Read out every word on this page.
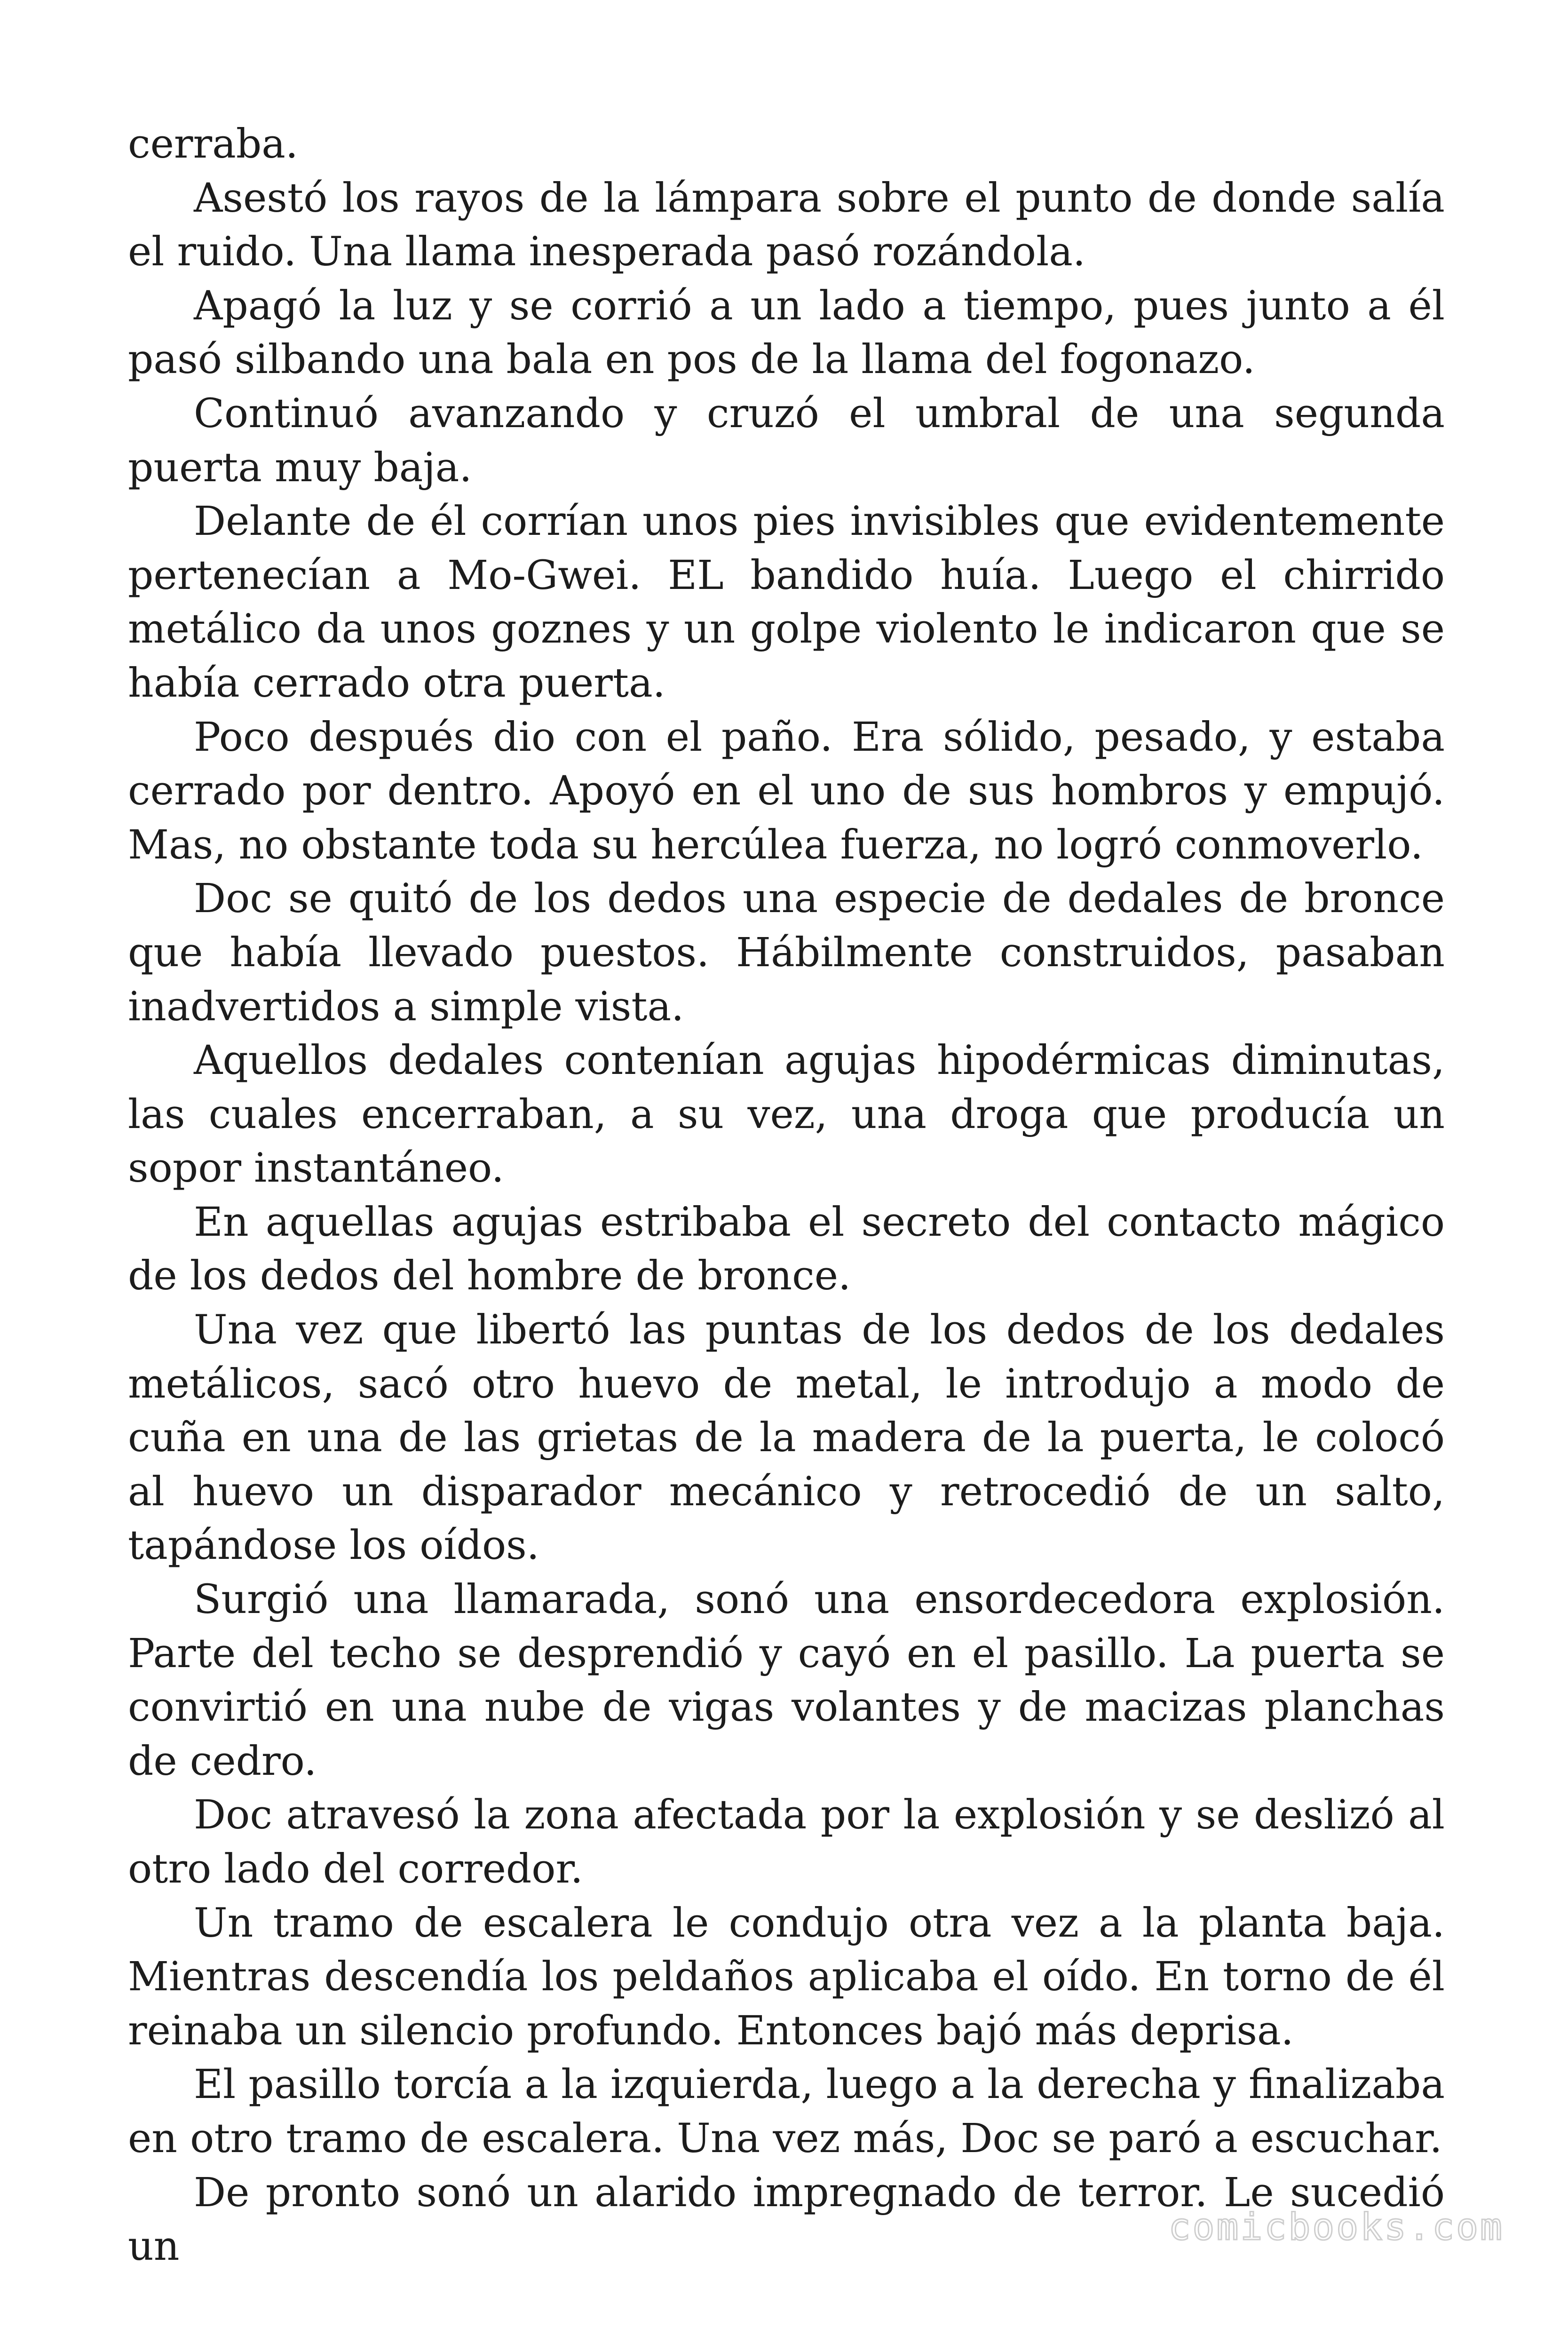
cerraba.

Asestó los rayos de la lámpara sobre el punto de donde salía el ruido. Una llama inesperada pasó rozándola.

Apagó la luz y se corrió a un lado a tiempo, pues junto a él pasó silbando una bala en pos de la llama del fogonazo.

Continuó avanzando y cruzó el umbral de una segunda puerta muy baja.

Delante de él corrían unos pies invisibles que evidentemente pertenecían a Mo-Gwei. EL bandido huía. Luego el chirrido metálico da unos goznes y un golpe violento le indicaron que se había cerrado otra puerta.

Poco después dio con el paño. Era sólido, pesado, y estaba cerrado por dentro. Apoyó en el uno de sus hombros y empujó. Mas, no obstante toda su hercúlea fuerza, no logró conmoverlo.

Doc se quitó de los dedos una especie de dedales de bronce que había llevado puestos. Hábilmente construidos, pasaban inadvertidos a simple vista.

Aquellos dedales contenían agujas hipodérmicas diminutas, las cuales encerraban, a su vez, una droga que producía un sopor instantáneo.

En aquellas agujas estribaba el secreto del contacto mágico de los dedos del hombre de bronce.

Una vez que libertó las puntas de los dedos de los dedales metálicos, sacó otro huevo de metal, le introdujo a modo de cuña en una de las grietas de la madera de la puerta, le colocó al huevo un disparador mecánico y retrocedió de un salto, tapándose los oídos.

Surgió una llamarada, sonó una ensordecedora explosión. Parte del techo se desprendió y cayó en el pasillo. La puerta se convirtió en una nube de vigas volantes y de macizas planchas de cedro.

Doc atravesó la zona afectada por la explosión y se deslizó al otro lado del corredor.

Un tramo de escalera le condujo otra vez a la planta baja. Mientras descendía los peldaños aplicaba el oído. En torno de él reinaba un silencio profundo. Entonces bajó más deprisa.

El pasillo torcía a la izquierda, luego a la derecha y finalizaba en otro tramo de escalera. Una vez más, Doc se paró a escuchar.

De pronto sonó un alarido impregnado de terror. Le sucedió un	comicbooks.com
